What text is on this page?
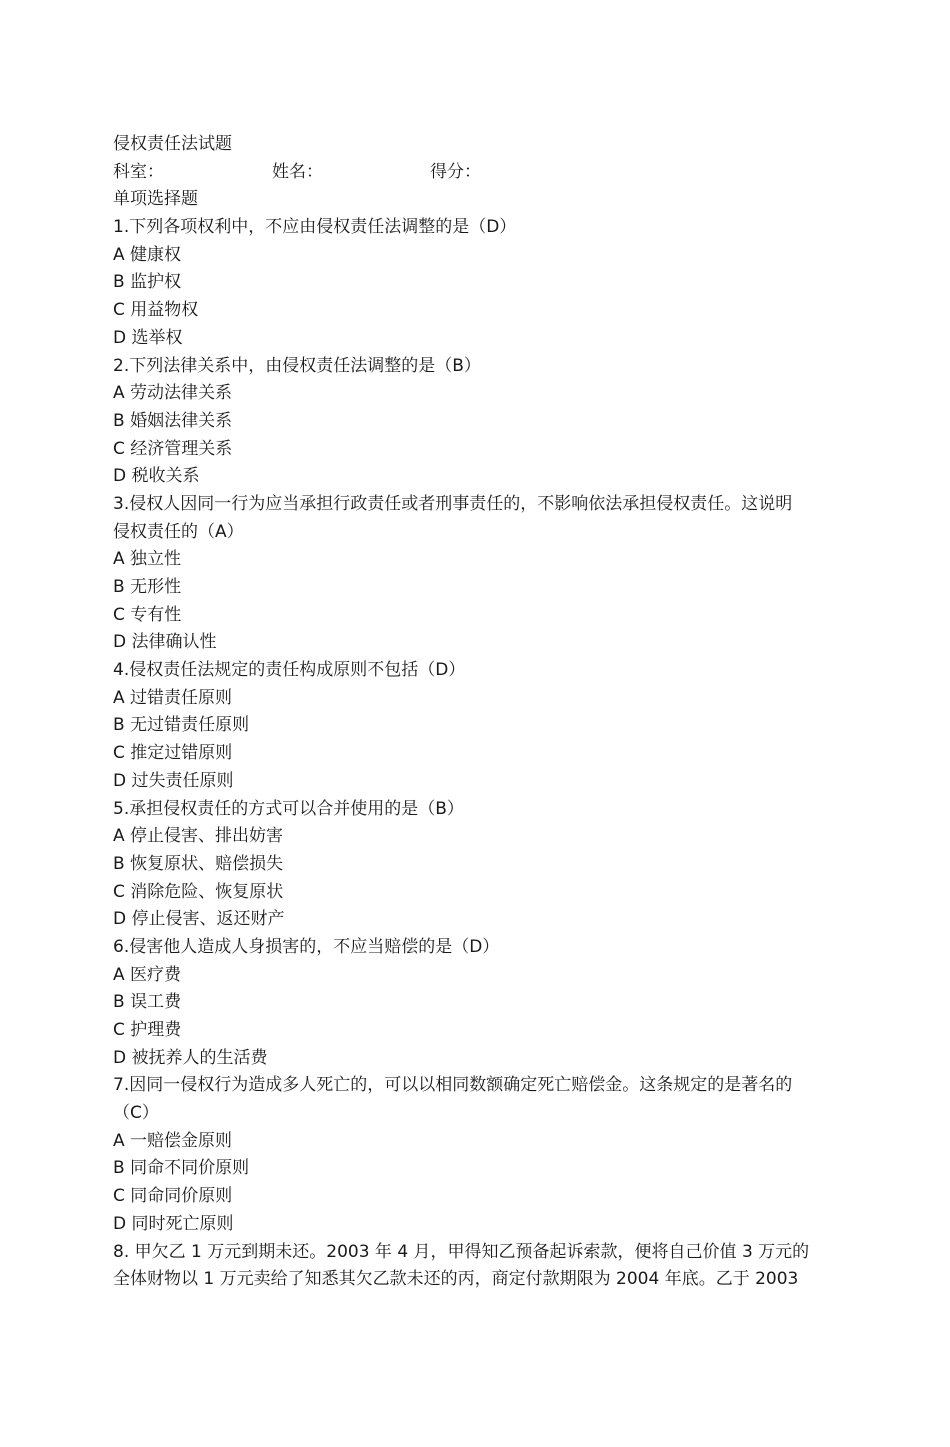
侵权责任法试题
科室：	姓名：	得分：
单项选择题
1.下列各项权利中，不应由侵权责任法调整的是（D）
A 健康权
B 监护权
C 用益物权
D 选举权
2.下列法律关系中，由侵权责任法调整的是（B）
A 劳动法律关系
B 婚姻法律关系
C 经济管理关系
D 税收关系
3.侵权人因同一行为应当承担行政责任或者刑事责任的，不影响依法承担侵权责任。这说明
侵权责任的（A）
A 独立性
B 无形性
C 专有性
D 法律确认性
4.侵权责任法规定的责任构成原则不包括（D）
A 过错责任原则
B 无过错责任原则
C 推定过错原则
D 过失责任原则
5.承担侵权责任的方式可以合并使用的是（B）
A 停止侵害、排出妨害
B 恢复原状、赔偿损失
C 消除危险、恢复原状
D 停止侵害、返还财产
6.侵害他人造成人身损害的，不应当赔偿的是（D）
A 医疗费
B 误工费
C 护理费
D 被抚养人的生活费
7.因同一侵权行为造成多人死亡的，可以以相同数额确定死亡赔偿金。这条规定的是著名的
（C）
A 一赔偿金原则
B 同命不同价原则
C 同命同价原则
D 同时死亡原则
8. 甲欠乙 1 万元到期未还。2003 年 4 月，甲得知乙预备起诉索款，便将自己价值 3 万元的
全体财物以 1 万元卖给了知悉其欠乙款未还的丙，商定付款期限为 2004 年底。乙于 2003
